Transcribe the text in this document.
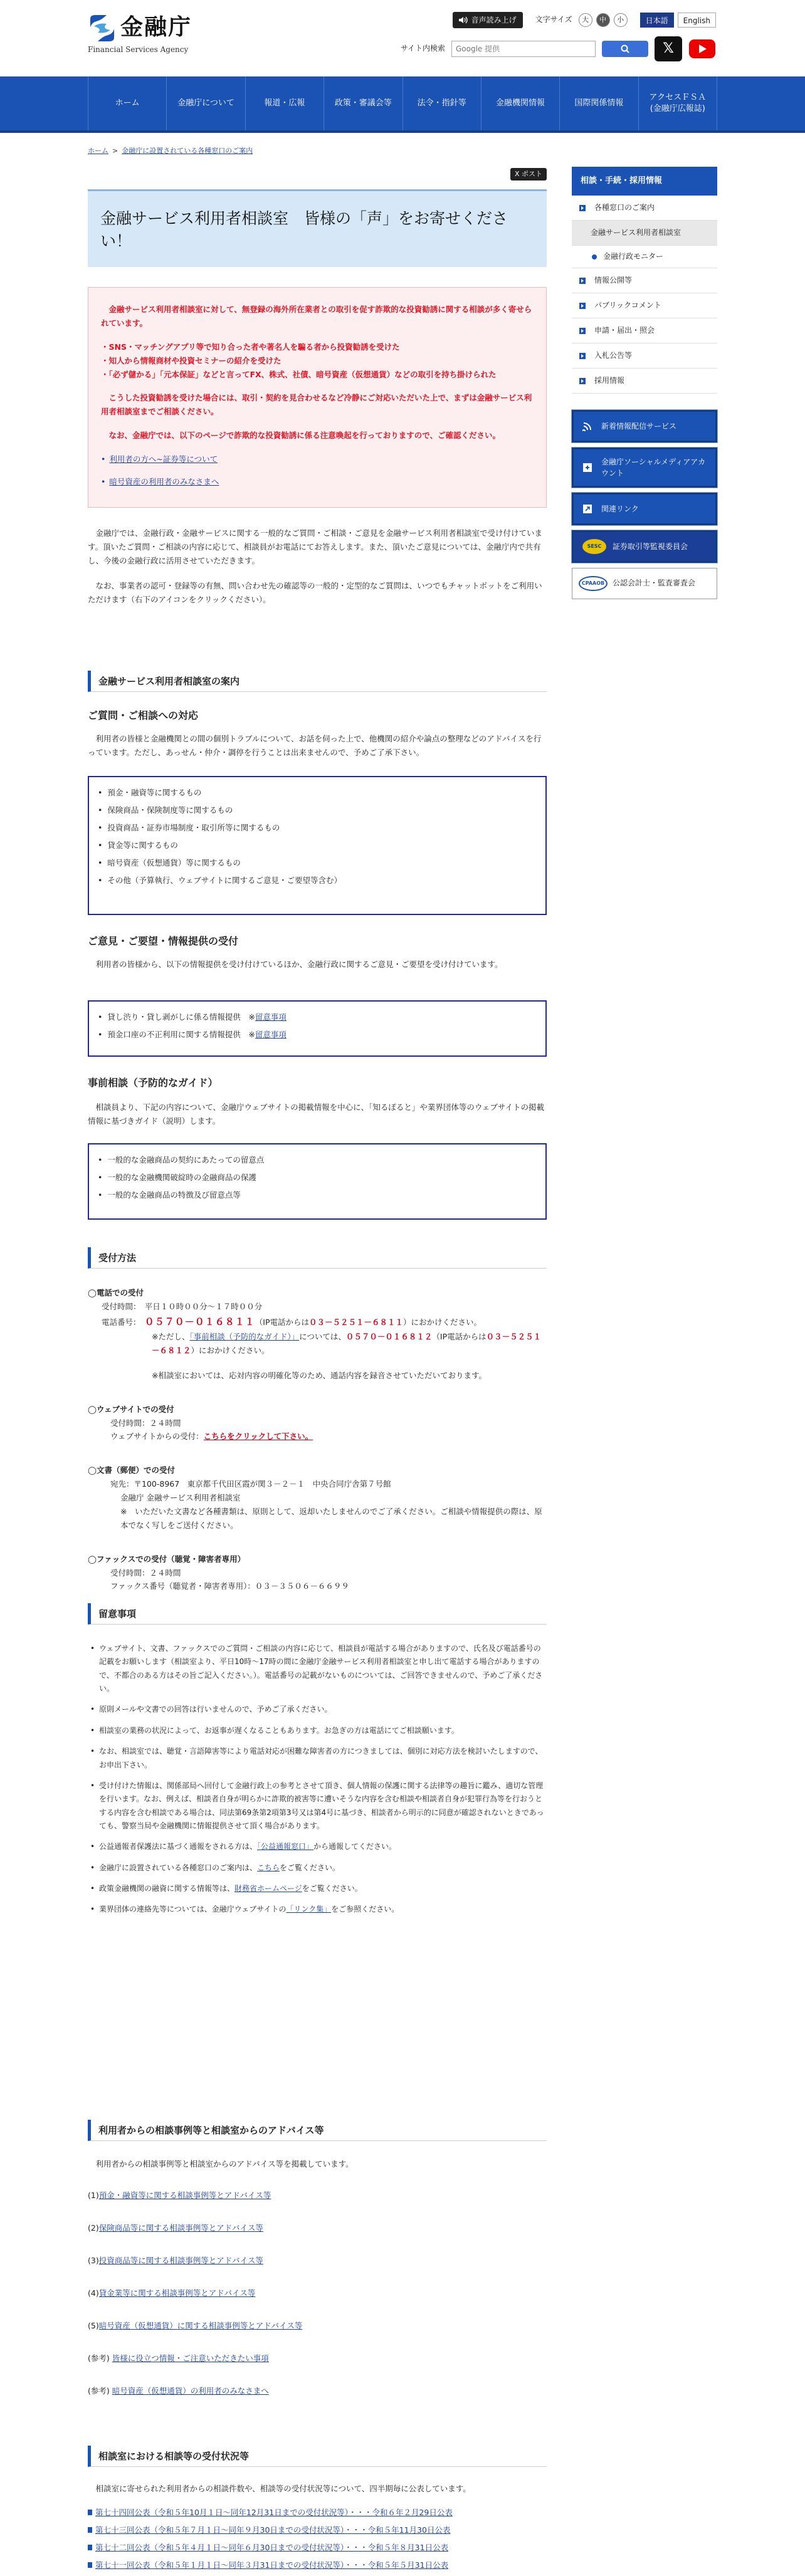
金融庁
Financial Services Agency
音声読み上げ	文字サイズ	大	中	小	日本語	English
サイト内検索
Google 提供	𝕏
ホーム	金融庁について	報道・広報	政策・審議会等	法令・指針等	金融機関情報	国際関係情報
アクセスＦＳＡ
(金融庁広報誌)
ホーム > 金融庁に設置されている各種窓口のご案内
X ポスト
金融サービス利用者相談室　皆様の「声」をお寄せください！

金融サービス利用者相談室に対して、無登録の海外所在業者との取引を促す詐欺的な投資勧誘に関する相談が多く寄せられています。

・SNS・マッチングアプリ等で知り合った者や著名人を騙る者から投資勧誘を受けた
・知人から情報商材や投資セミナーの紹介を受けた
・「必ず儲かる」「元本保証」などと言ってFX、株式、社債、暗号資産（仮想通貨）などの取引を持ち掛けられた

こうした投資勧誘を受けた場合には、取引・契約を見合わせるなど冷静にご対応いただいた上で、まずは金融サービス利用者相談室までご相談ください。

なお、金融庁では、以下のページで詐欺的な投資勧誘に係る注意喚起を行っておりますので、ご確認ください。

• 利用者の方へ~証券等について
• 暗号資産の利用者のみなさまへ
金融庁では、金融行政・金融サービスに関する一般的なご質問・ご相談・ご意見を金融サービス利用者相談室で受け付けています。頂いたご質問・ご相談の内容に応じて、相談員がお電話にてお答えします。また、頂いたご意見については、金融庁内で共有し、今後の金融行政に活用させていただきます。
なお、事業者の認可・登録等の有無、問い合わせ先の確認等の一般的・定型的なご質問は、いつでもチャットボットをご利用いただけます（右下のアイコンをクリックください）。
金融サービス利用者相談室の案内
ご質問・ご相談への対応
利用者の皆様と金融機関との間の個別トラブルについて、お話を伺った上で、他機関の紹介や論点の整理などのアドバイスを行っています。ただし、あっせん・仲介・調停を行うことは出来ませんので、予めご了承下さい。
• 預金・融資等に関するもの
• 保険商品・保険制度等に関するもの
• 投資商品・証券市場制度・取引所等に関するもの
• 貸金等に関するもの
• 暗号資産（仮想通貨）等に関するもの
• その他（予算執行、ウェブサイトに関するご意見・ご要望等含む）
ご意見・ご要望・情報提供の受付
利用者の皆様から、以下の情報提供を受け付けているほか、金融行政に関するご意見・ご要望を受け付けています。
• 貸し渋り・貸し剥がしに係る情報提供　 ※留意事項
• 預金口座の不正利用に関する情報提供　 ※留意事項
事前相談（予防的なガイド）
相談員より、下記の内容について、金融庁ウェブサイトの掲載情報を中心に、「知るぽると」や業界団体等のウェブサイトの掲載情報に基づきガイド（説明）します。
• 一般的な金融商品の契約にあたっての留意点
• 一般的な金融機関破綻時の金融商品の保護
• 一般的な金融商品の特徴及び留意点等
受付方法
◯電話での受付
受付時間：　平日１０時００分～１７時００分
電話番号：　 ０５７０－０１６８１１（IP電話からは０３－５２５１－６８１１）におかけください。
※ただし、「事前相談（予防的なガイド）」については、０５７０－０１６８１２（IP電話からは０３－５２５１－６８１２）におかけください。
※相談室においては、応対内容の明確化等のため、通話内容を録音させていただいております。
◯ウェブサイトでの受付
受付時間：２４時間
ウェブサイトからの受付：こちらをクリックして下さい。
◯文書（郵便）での受付
宛先：〒100-8967　東京都千代田区霞が関３－２－１　中央合同庁舎第７号館
金融庁 金融サービス利用者相談室
※　いただいた文書など各種書類は、原則として、返却いたしませんのでご了承ください。ご相談や情報提供の際は、原本でなく写しをご送付ください。
◯ファックスでの受付（聴覚・障害者専用）
受付時間：２４時間
ファックス番号（聴覚者・障害者専用）：０３－３５０６－６６９９
留意事項
• ウェブサイト、文書、ファックスでのご質問・ご相談の内容に応じて、相談員が電話する場合がありますので、氏名及び電話番号の記載をお願いします（相談室より、平日10時～17時の間に金融庁金融サービス利用者相談室と申し出て電話する場合がありますので、不都合のある方はその旨ご記入ください。）。電話番号の記載がないものについては、ご回答できませんので、予めご了承ください。
• 原則メールや文書での回答は行いませんので、予めご了承ください。
• 相談室の業務の状況によって、お返事が遅くなることもあります。お急ぎの方は電話にてご相談願います。
• なお、相談室では、聴覚・言語障害等により電話対応が困難な障害者の方につきましては、個別に対応方法を検討いたしますので、お申出下さい。
• 受け付けた情報は、関係部局へ回付して金融行政上の参考とさせて頂き、個人情報の保護に関する法律等の趣旨に鑑み、適切な管理を行います。なお、例えば、相談者自身が明らかに詐欺的被害等に遭いそうな内容を含む相談や相談者自身が犯罪行為等を行おうとする内容を含む相談である場合は、同法第69条第2項第3号又は第4号に基づき、相談者から明示的に同意が確認されないときであっても、警察当局や金融機関に情報提供させて頂く場合があります。
• 公益通報者保護法に基づく通報をされる方は、「公益通報窓口」から通報してください。
• 金融庁に設置されている各種窓口のご案内は、こちらをご覧ください。
• 政策金融機関の融資に関する情報等は、財務省ホームページをご覧ください。
• 業界団体の連絡先等については、金融庁ウェブサイトの「リンク集」をご参照ください。
利用者からの相談事例等と相談室からのアドバイス等
利用者からの相談事例等と相談室からのアドバイス等を掲載しています。
(1)預金・融資等に関する相談事例等とアドバイス等
(2)保険商品等に関する相談事例等とアドバイス等
(3)投資商品等に関する相談事例等とアドバイス等
(4)貸金業等に関する相談事例等とアドバイス等
(5)暗号資産（仮想通貨）に関する相談事例等とアドバイス等
(参考) 皆様に役立つ情報・ご注意いただきたい事項
(参考) 暗号資産（仮想通貨）の利用者のみなさまへ
相談室における相談等の受付状況等
相談室に寄せられた利用者からの相談件数や、相談等の受付状況等について、四半期毎に公表しています。
第七十四回公表（令和５年10月１日～同年12月31日までの受付状況等）・・・令和６年２月29日公表
第七十三回公表（令和５年７月１日～同年９月30日までの受付状況等）・・・令和５年11月30日公表
第七十二回公表（令和５年４月１日～同年６月30日までの受付状況等）・・・令和５年８月31日公表
第七十一回公表（令和５年１月１日～同年３月31日までの受付状況等）・・・令和５年５月31日公表
相談・手続・採用情報
各種窓口のご案内
金融サービス利用者相談室
金融行政モニター
情報公開等
パブリックコメント
申請・届出・照会
入札公告等
採用情報
新着情報配信サービス
金融庁ソーシャルメディアアカウント
関連リンク
SESC	証券取引等監視委員会
CPAAOB	公認会計士・監査審査会
